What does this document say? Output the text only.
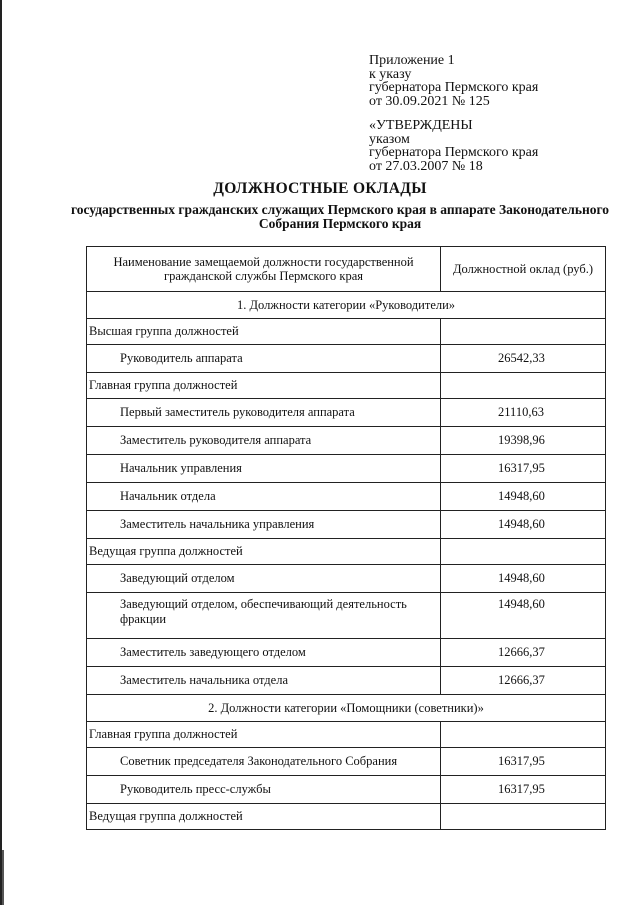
Приложение 1
к указу
губернатора Пермского края
от 30.09.2021 № 125
«УТВЕРЖДЕНЫ
указом
губернатора Пермского края
от 27.03.2007 № 18
ДОЛЖНОСТНЫЕ ОКЛАДЫ
государственных гражданских служащих Пермского края в аппарате Законодательного Собрания Пермского края
Наименование замещаемой должности государственной гражданской службы Пермского края	Должностной оклад (руб.)
1. Должности категории «Руководители»	
Высшая группа должностей	
Руководитель аппарата	26542,33
Главная группа должностей	
Первый заместитель руководителя аппарата	21110,63
Заместитель руководителя аппарата	19398,96
Начальник управления	16317,95
Начальник отдела	14948,60
Заместитель начальника управления	14948,60
Ведущая группа должностей	
Заведующий отделом	14948,60
Заведующий отделом, обеспечивающий деятельность фракции	14948,60
Заместитель заведующего отделом	12666,37
Заместитель начальника отдела	12666,37
2. Должности категории «Помощники (советники)»	
Главная группа должностей	
Советник председателя Законодательного Собрания	16317,95
Руководитель пресс-службы	16317,95
Ведущая группа должностей	
